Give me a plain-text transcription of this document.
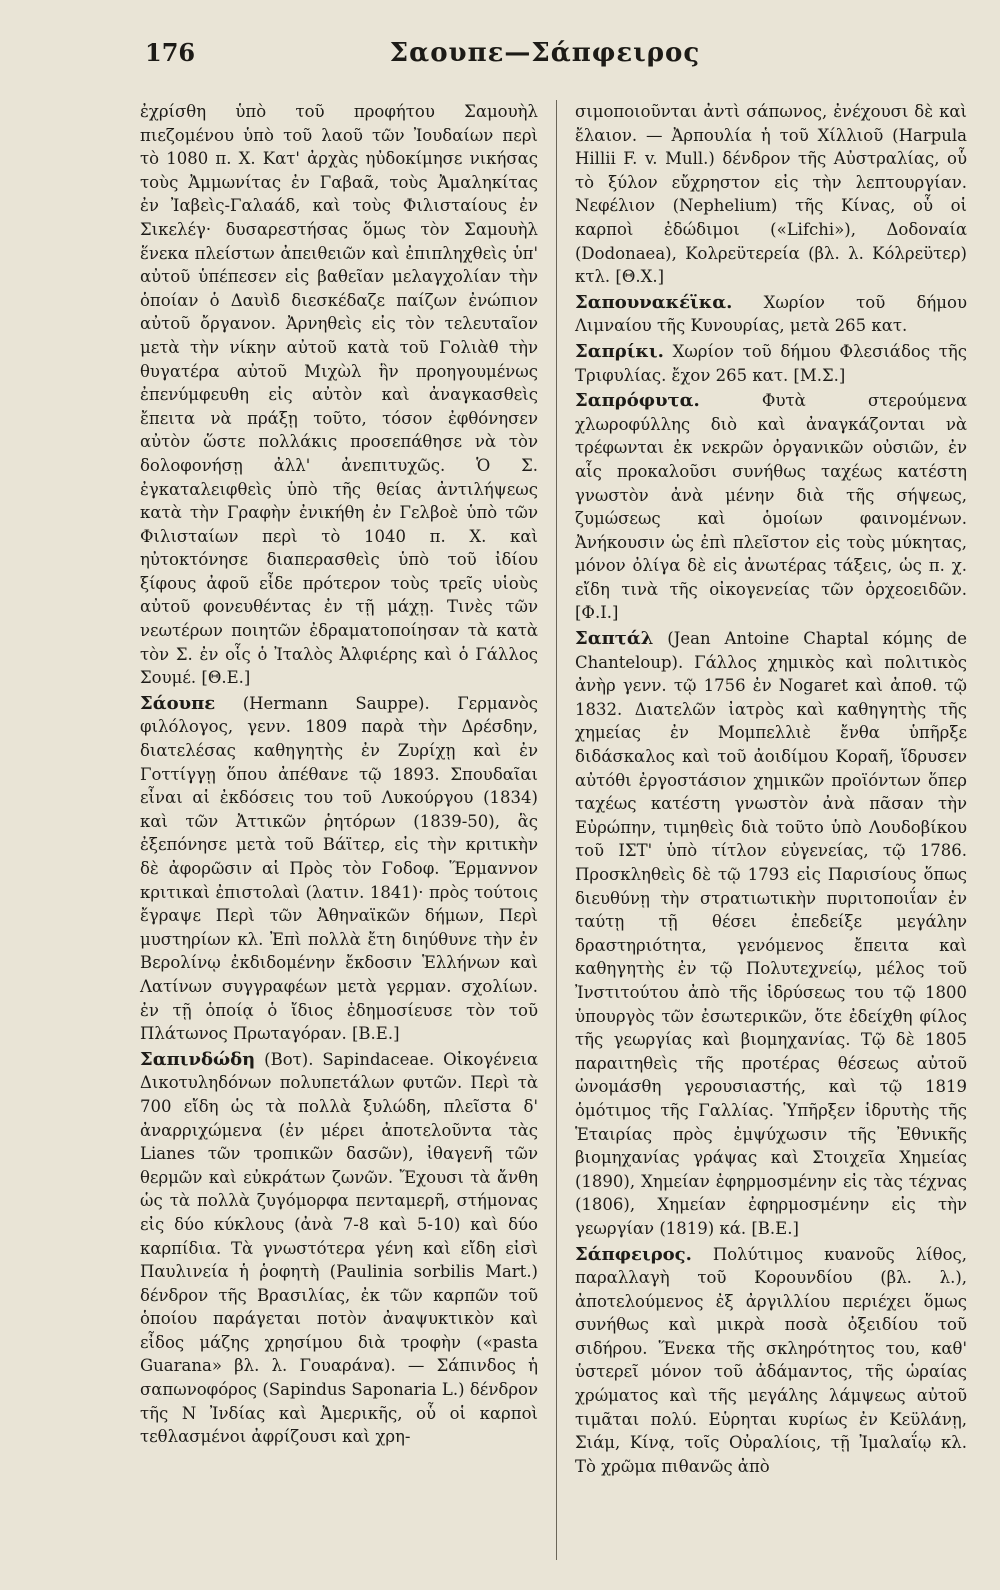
176	Σαουπε—Σάπφειρος

ἐχρίσθη ὑπὸ τοῦ προφήτου Σαμουὴλ πιεζομένου ὑπὸ τοῦ λαοῦ τῶν Ἰουδαίων περὶ τὸ 1080 π. Χ. Κατ' ἀρχὰς ηὐδοκίμησε νικήσας τοὺς Ἀμμωνίτας ἐν Γαβαᾶ, τοὺς Ἀμαληκίτας ἐν Ἰαβεὶς-Γαλαάδ, καὶ τοὺς Φιλισταίους ἐν Σικελέγ· δυσαρεστήσας ὅμως τὸν Σαμουὴλ ἕνεκα πλείστων ἀπειθειῶν καὶ ἐπιπληχθεὶς ὑπ' αὐτοῦ ὑπέπεσεν εἰς βαθεῖαν μελαγχολίαν τὴν ὁποίαν ὁ Δαυὶδ διεσκέδαζε παίζων ἐνώπιον αὐτοῦ ὄργανον. Ἀρνηθεὶς εἰς τὸν τελευταῖον μετὰ τὴν νίκην αὐτοῦ κατὰ τοῦ Γολιὰθ τὴν θυγατέρα αὐτοῦ Μιχὼλ ἣν προηγουμένως ἐπενύμφευθη εἰς αὐτὸν καὶ ἀναγκασθεὶς ἔπειτα νὰ πράξῃ τοῦτο, τόσον ἐφθόνησεν αὐτὸν ὥστε πολλάκις προσεπάθησε νὰ τὸν δολοφονήσῃ ἀλλ' ἀνεπιτυχῶς. Ὁ Σ. ἐγκαταλειφθεὶς ὑπὸ τῆς θείας ἀντιλήψεως κατὰ τὴν Γραφὴν ἐνικήθη ἐν Γελβοὲ ὑπὸ τῶν Φιλισταίων περὶ τὸ 1040 π. Χ. καὶ ηὐτοκτόνησε διαπερασθεὶς ὑπὸ τοῦ ἰδίου ξίφους ἀφοῦ εἶδε πρότερον τοὺς τρεῖς υἱοὺς αὐτοῦ φονευθέντας ἐν τῇ μάχῃ. Τινὲς τῶν νεωτέρων ποιητῶν ἐδραματοποίησαν τὰ κατὰ τὸν Σ. ἐν οἷς ὁ Ἰταλὸς Ἀλφιέρης καὶ ὁ Γάλλος Σουμέ. [Θ.Ε.]

Σάουπε (Hermann Sauppe). Γερμανὸς φιλόλογος, γενν. 1809 παρὰ τὴν Δρέσδην, διατελέσας καθηγητὴς ἐν Ζυρίχῃ καὶ ἐν Γοττίγγῃ ὅπου ἀπέθανε τῷ 1893. Σπουδαῖαι εἶναι αἱ ἐκδόσεις του τοῦ Λυκούργου (1834) καὶ τῶν Ἀττικῶν ῥητόρων (1839-50), ἃς ἐξεπόνησε μετὰ τοῦ Βάϊτερ, εἰς τὴν κριτικὴν δὲ ἀφορῶσιν αἱ Πρὸς τὸν Γοδοφ. Ἕρμαννον κριτικαὶ ἐπιστολαὶ (λατιν. 1841)· πρὸς τούτοις ἔγραψε Περὶ τῶν Ἀθηναϊκῶν δήμων, Περὶ μυστηρίων κλ. Ἐπὶ πολλὰ ἔτη διηύθυνε τὴν ἐν Βερολίνῳ ἐκδιδομένην ἔκδοσιν Ἑλλήνων καὶ Λατίνων συγγραφέων μετὰ γερμαν. σχολίων. ἐν τῇ ὁποίᾳ ὁ ἴδιος ἐδημοσίευσε τὸν τοῦ Πλάτωνος Πρωταγόραν. [Β.Ε.]

Σαπινδώδη (Βοτ). Sapindaceae. Οἰκογένεια Δικοτυληδόνων πολυπετάλων φυτῶν. Περὶ τὰ 700 εἴδη ὡς τὰ πολλὰ ξυλώδη, πλεῖστα δ' ἀναρριχώμενα (ἐν μέρει ἀποτελοῦντα τὰς Lianes τῶν τροπικῶν δασῶν), ἰθαγενῆ τῶν θερμῶν καὶ εὐκράτων ζωνῶν. Ἔχουσι τὰ ἄνθη ὡς τὰ πολλὰ ζυγόμορφα πενταμερῆ, στήμονας εἰς δύο κύκλους (ἀνὰ 7-8 καὶ 5-10) καὶ δύο καρπίδια. Τὰ γνωστότερα γένη καὶ εἴδη εἰσὶ Παυλινεία ἡ ῥοφητὴ (Paulinia sorbilis Mart.) δένδρον τῆς Βρασιλίας, ἐκ τῶν καρπῶν τοῦ ὁποίου παράγεται ποτὸν ἀναψυκτικὸν καὶ εἶδος μάζης χρησίμου διὰ τροφὴν («pasta Guarana» βλ. λ. Γουαράνα). — Σάπινδος ἡ σαπωνοφόρος (Sapindus Saponaria L.) δένδρον τῆς Ν Ἰνδίας καὶ Ἀμερικῆς, οὗ οἱ καρποὶ τεθλασμένοι ἀφρίζουσι καὶ χρη-

σιμοποιοῦνται ἀντὶ σάπωνος, ἐνέχουσι δὲ καὶ ἔλαιον. — Ἀρπουλία ἡ τοῦ Χίλλιοῦ (Harpula Hillii F. v. Mull.) δένδρον τῆς Αὐστραλίας, οὗ τὸ ξύλον εὔχρηστον εἰς τὴν λεπτουργίαν. Νεφέλιον (Nephelium) τῆς Κίνας, οὗ οἱ καρποὶ ἐδώδιμοι («Lifchi»), Δοδοναία (Dodonaea), Κολρεϋτερεία (βλ. λ. Κόλρεϋτερ) κτλ. [Θ.Χ.]

Σαπουνακέϊκα. Χωρίον τοῦ δήμου Λιμναίου τῆς Κυνουρίας, μετὰ 265 κατ.

Σαπρίκι. Χωρίον τοῦ δήμου Φλεσιάδος τῆς Τριφυλίας. ἔχον 265 κατ. [Μ.Σ.]

Σαπρόφυτα. Φυτὰ στερούμενα χλωροφύλλης διὸ καὶ ἀναγκάζονται νὰ τρέφωνται ἐκ νεκρῶν ὀργανικῶν οὐσιῶν, ἐν αἷς προκαλοῦσι συνήθως ταχέως κατέστη γνωστὸν ἀνὰ μένην διὰ τῆς σήψεως, ζυμώσεως καὶ ὁμοίων φαινομένων. Ἀνήκουσιν ὡς ἐπὶ πλεῖστον εἰς τοὺς μύκητας, μόνον ὀλίγα δὲ εἰς ἀνωτέρας τάξεις, ὡς π. χ. εἴδη τινὰ τῆς οἰκογενείας τῶν ὀρχεοειδῶν. [Φ.Ι.]

Σαπτάλ (Jean Antoine Chaptal κόμης de Chanteloup). Γάλλος χημικὸς καὶ πολιτικὸς ἀνὴρ γενν. τῷ 1756 ἐν Nogaret καὶ ἀποθ. τῷ 1832. Διατελῶν ἰατρὸς καὶ καθηγητὴς τῆς χημείας ἐν Μομπελλιὲ ἔνθα ὑπῆρξε διδάσκαλος καὶ τοῦ ἀοιδίμου Κοραῆ, ἵδρυσεν αὐτόθι ἐργοστάσιον χημικῶν προϊόντων ὅπερ ταχέως κατέστη γνωστὸν ἀνὰ πᾶσαν τὴν Εὐρώπην, τιμηθεὶς διὰ τοῦτο ὑπὸ Λουδοβίκου τοῦ ΙΣΤ' ὑπὸ τίτλον εὐγενείας, τῷ 1786. Προσκληθεὶς δὲ τῷ 1793 εἰς Παρισίους ὅπως διευθύνῃ τὴν στρατιωτικὴν πυριτοποιΐαν ἐν ταύτῃ τῇ θέσει ἐπεδείξε μεγάλην δραστηριότητα, γενόμενος ἔπειτα καὶ καθηγητὴς ἐν τῷ Πολυτεχνείῳ, μέλος τοῦ Ἰνστιτούτου ἀπὸ τῆς ἱδρύσεως του τῷ 1800 ὑπουργὸς τῶν ἐσωτερικῶν, ὅτε ἐδείχθη φίλος τῆς γεωργίας καὶ βιομηχανίας. Τῷ δὲ 1805 παραιτηθεὶς τῆς προτέρας θέσεως αὐτοῦ ὠνομάσθη γερουσιαστής, καὶ τῷ 1819 ὁμότιμος τῆς Γαλλίας. Ὑπῆρξεν ἱδρυτὴς τῆς Ἑταιρίας πρὸς ἐμψύχωσιν τῆς Ἐθνικῆς βιομηχανίας γράψας καὶ Στοιχεῖα Χημείας (1890), Χημείαν ἐφηρμοσμένην εἰς τὰς τέχνας (1806), Χημείαν ἐφηρμοσμένην εἰς τὴν γεωργίαν (1819) κά. [Β.Ε.]

Σάπφειρος. Πολύτιμος κυανοῦς λίθος, παραλλαγὴ τοῦ Κορουνδίου (βλ. λ.), ἀποτελούμενος ἐξ ἀργιλλίου περιέχει ὅμως συνήθως καὶ μικρὰ ποσὰ ὀξειδίου τοῦ σιδήρου. Ἕνεκα τῆς σκληρότητος του, καθ' ὑστερεῖ μόνον τοῦ ἀδάμαντος, τῆς ὡραίας χρώματος καὶ τῆς μεγάλης λάμψεως αὐτοῦ τιμᾶται πολύ. Εὑρηται κυρίως ἐν Κεϋλάνῃ, Σιάμ, Κίνᾳ, τοῖς Οὐραλίοις, τῇ Ἰμαλαΐῳ κλ. Τὸ χρῶμα πιθανῶς ἀπὸ
